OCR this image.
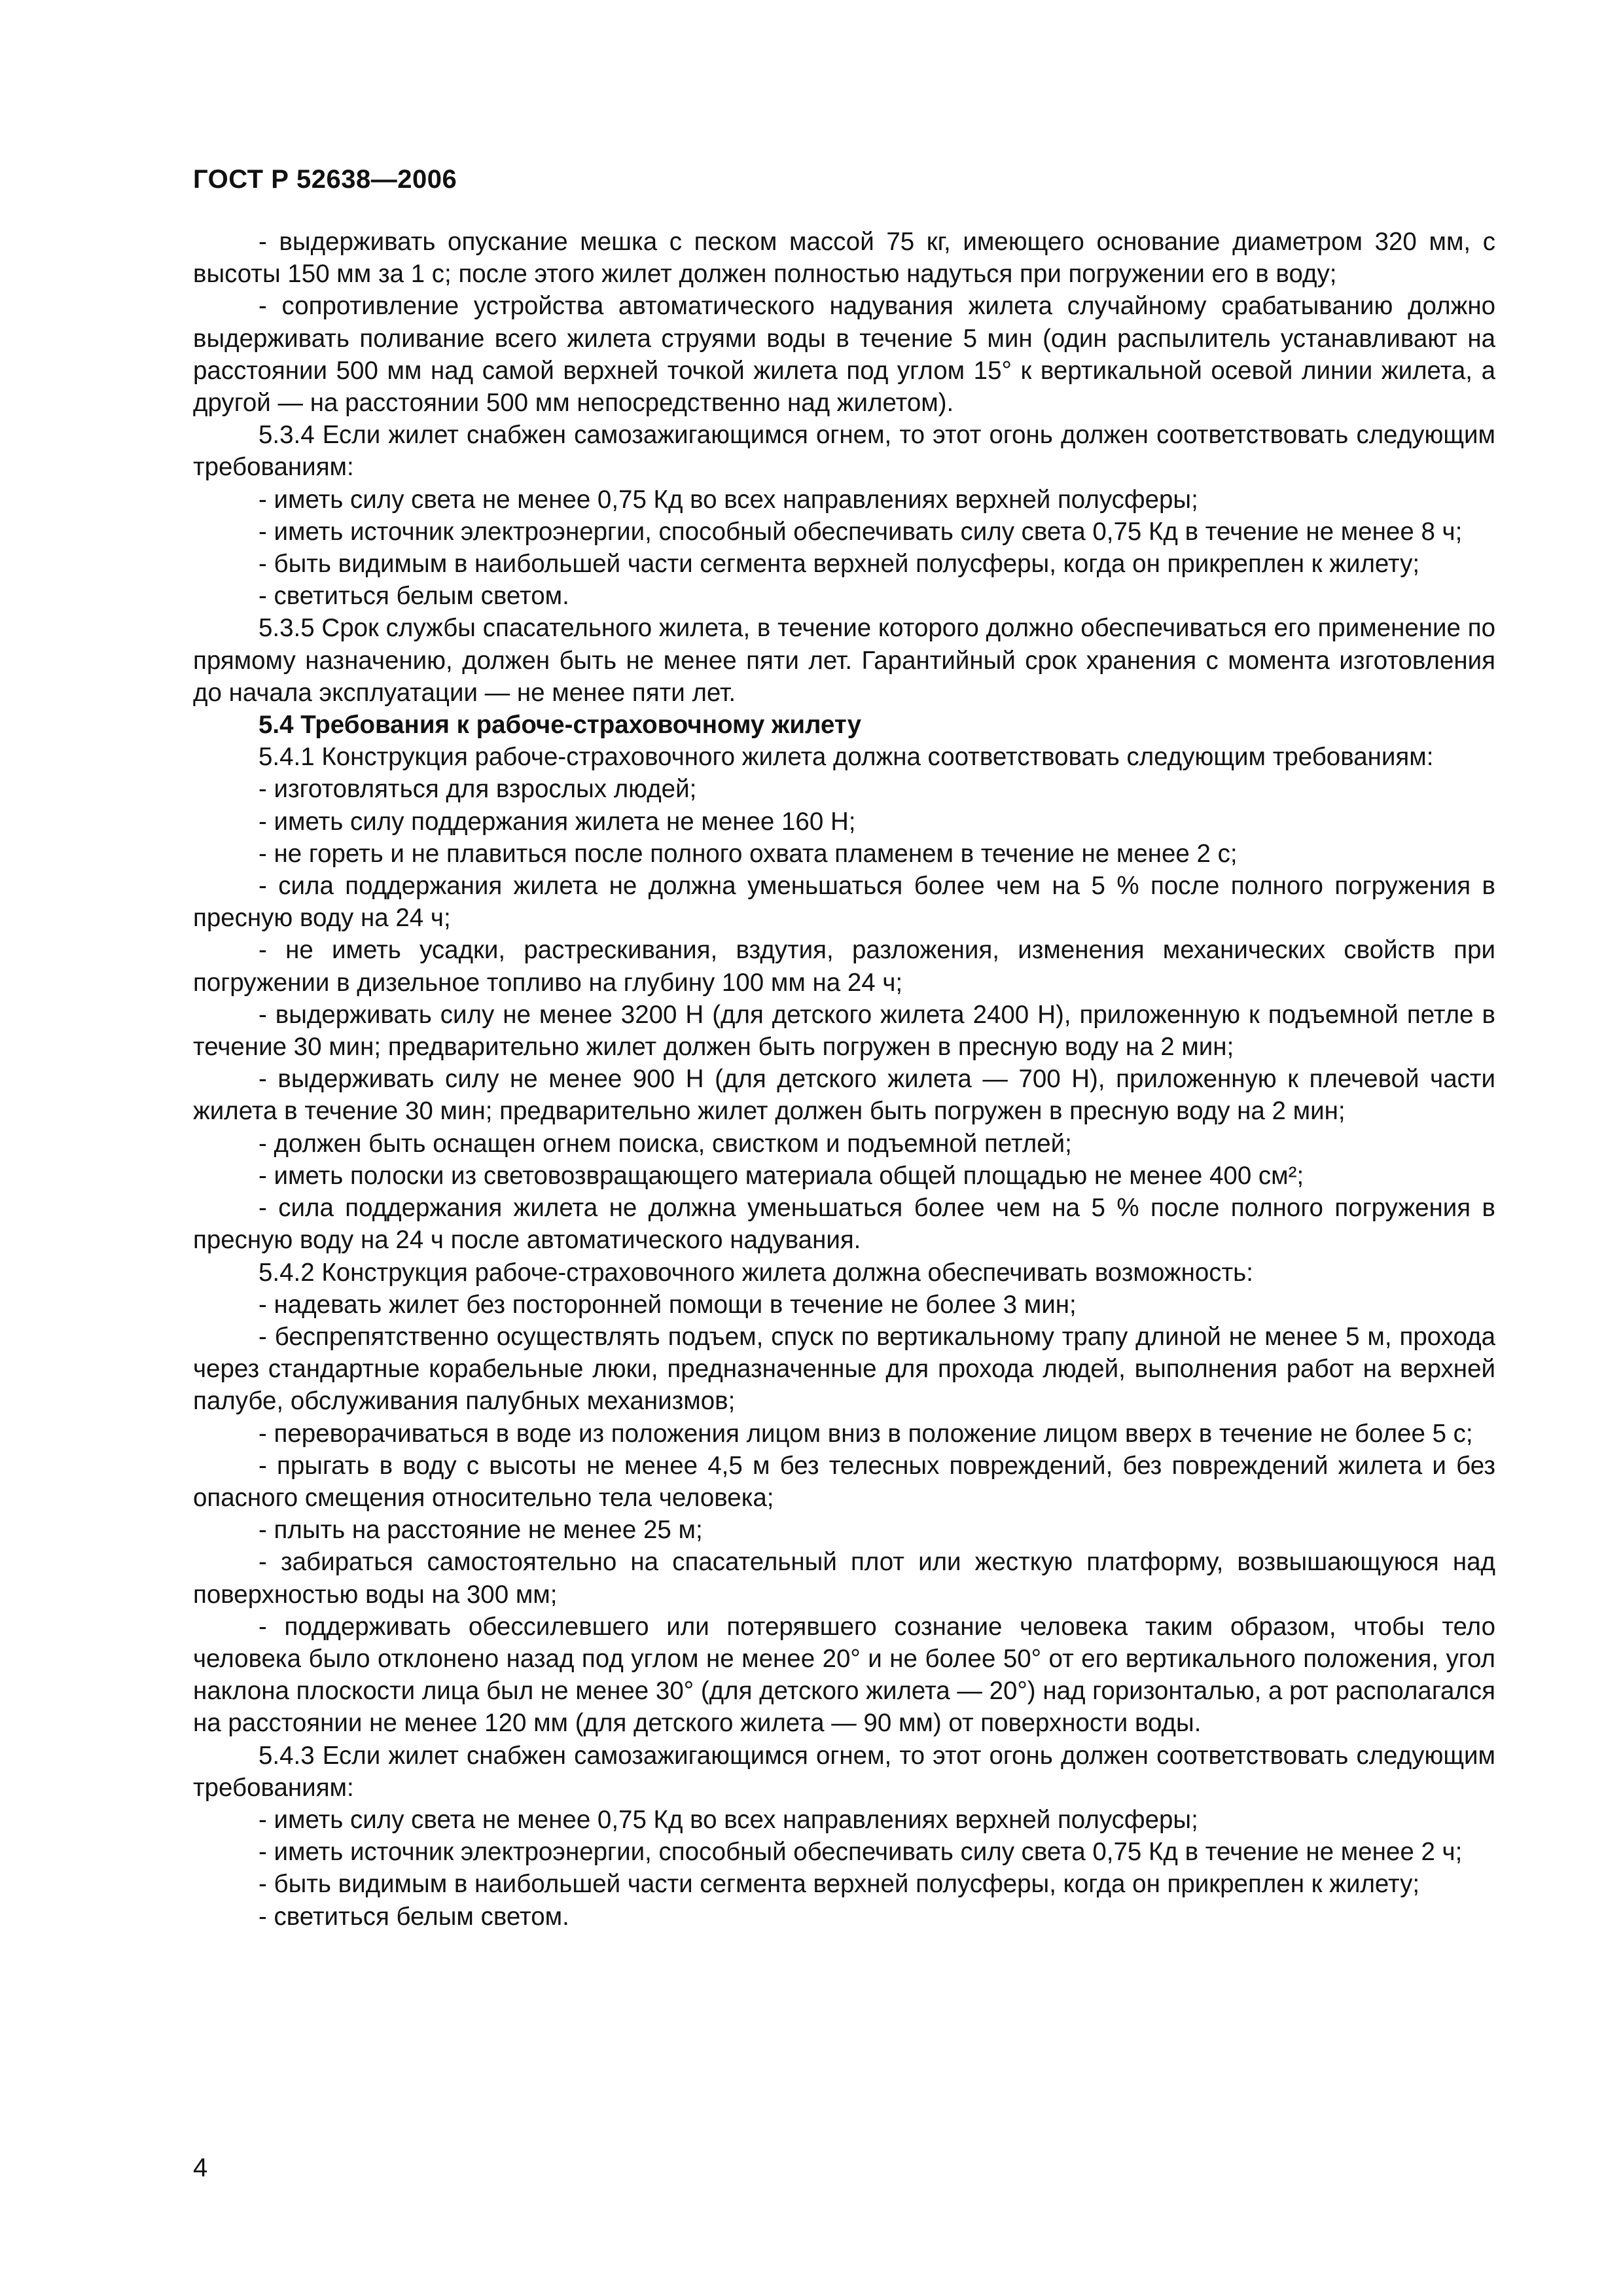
ГОСТ Р 52638—2006

- выдерживать опускание мешка с песком массой 75 кг, имеющего основание диаметром 320 мм, с высоты 150 мм за 1 с; после этого жилет должен полностью надуться при погружении его в воду;

- сопротивление устройства автоматического надувания жилета случайному срабатыванию должно выдерживать поливание всего жилета струями воды в течение 5 мин (один распылитель устанавливают на расстоянии 500 мм над самой верхней точкой жилета под углом 15° к вертикальной осевой линии жилета, а другой — на расстоянии 500 мм непосредственно над жилетом).

5.3.4 Если жилет снабжен самозажигающимся огнем, то этот огонь должен соответствовать следующим требованиям:

- иметь силу света не менее 0,75 Кд во всех направлениях верхней полусферы;

- иметь источник электроэнергии, способный обеспечивать силу света 0,75 Кд в течение не менее 8 ч;

- быть видимым в наибольшей части сегмента верхней полусферы, когда он прикреплен к жилету;

- светиться белым светом.

5.3.5 Срок службы спасательного жилета, в течение которого должно обеспечиваться его применение по прямому назначению, должен быть не менее пяти лет. Гарантийный срок хранения с момента изготовления до начала эксплуатации — не менее пяти лет.

5.4 Требования к рабоче-страховочному жилету

5.4.1 Конструкция рабоче-страховочного жилета должна соответствовать следующим требованиям:

- изготовляться для взрослых людей;

- иметь силу поддержания жилета не менее 160 Н;

- не гореть и не плавиться после полного охвата пламенем в течение не менее 2 с;

- сила поддержания жилета не должна уменьшаться более чем на 5 % после полного погружения в пресную воду на 24 ч;

- не иметь усадки, растрескивания, вздутия, разложения, изменения механических свойств при погружении в дизельное топливо на глубину 100 мм на 24 ч;

- выдерживать силу не менее 3200 Н (для детского жилета 2400 Н), приложенную к подъемной петле в течение 30 мин; предварительно жилет должен быть погружен в пресную воду на 2 мин;

- выдерживать силу не менее 900 Н (для детского жилета — 700 Н), приложенную к плечевой части жилета в течение 30 мин; предварительно жилет должен быть погружен в пресную воду на 2 мин;

- должен быть оснащен огнем поиска, свистком и подъемной петлей;

- иметь полоски из световозвращающего материала общей площадью не менее 400 см²;

- сила поддержания жилета не должна уменьшаться более чем на 5 % после полного погружения в пресную воду на 24 ч после автоматического надувания.

5.4.2 Конструкция рабоче-страховочного жилета должна обеспечивать возможность:

- надевать жилет без посторонней помощи в течение не более 3 мин;

- беспрепятственно осуществлять подъем, спуск по вертикальному трапу длиной не менее 5 м, прохода через стандартные корабельные люки, предназначенные для прохода людей, выполнения работ на верхней палубе, обслуживания палубных механизмов;

- переворачиваться в воде из положения лицом вниз в положение лицом вверх в течение не более 5 с;

- прыгать в воду с высоты не менее 4,5 м без телесных повреждений, без повреждений жилета и без опасного смещения относительно тела человека;

- плыть на расстояние не менее 25 м;

- забираться самостоятельно на спасательный плот или жесткую платформу, возвышающуюся над поверхностью воды на 300 мм;

- поддерживать обессилевшего или потерявшего сознание человека таким образом, чтобы тело человека было отклонено назад под углом не менее 20° и не более 50° от его вертикального положения, угол наклона плоскости лица был не менее 30° (для детского жилета — 20°) над горизонталью, а рот располагался на расстоянии не менее 120 мм (для детского жилета — 90 мм) от поверхности воды.

5.4.3 Если жилет снабжен самозажигающимся огнем, то этот огонь должен соответствовать следующим требованиям:

- иметь силу света не менее 0,75 Кд во всех направлениях верхней полусферы;

- иметь источник электроэнергии, способный обеспечивать силу света 0,75 Кд в течение не менее 2 ч;

- быть видимым в наибольшей части сегмента верхней полусферы, когда он прикреплен к жилету;

- светиться белым светом.

4
